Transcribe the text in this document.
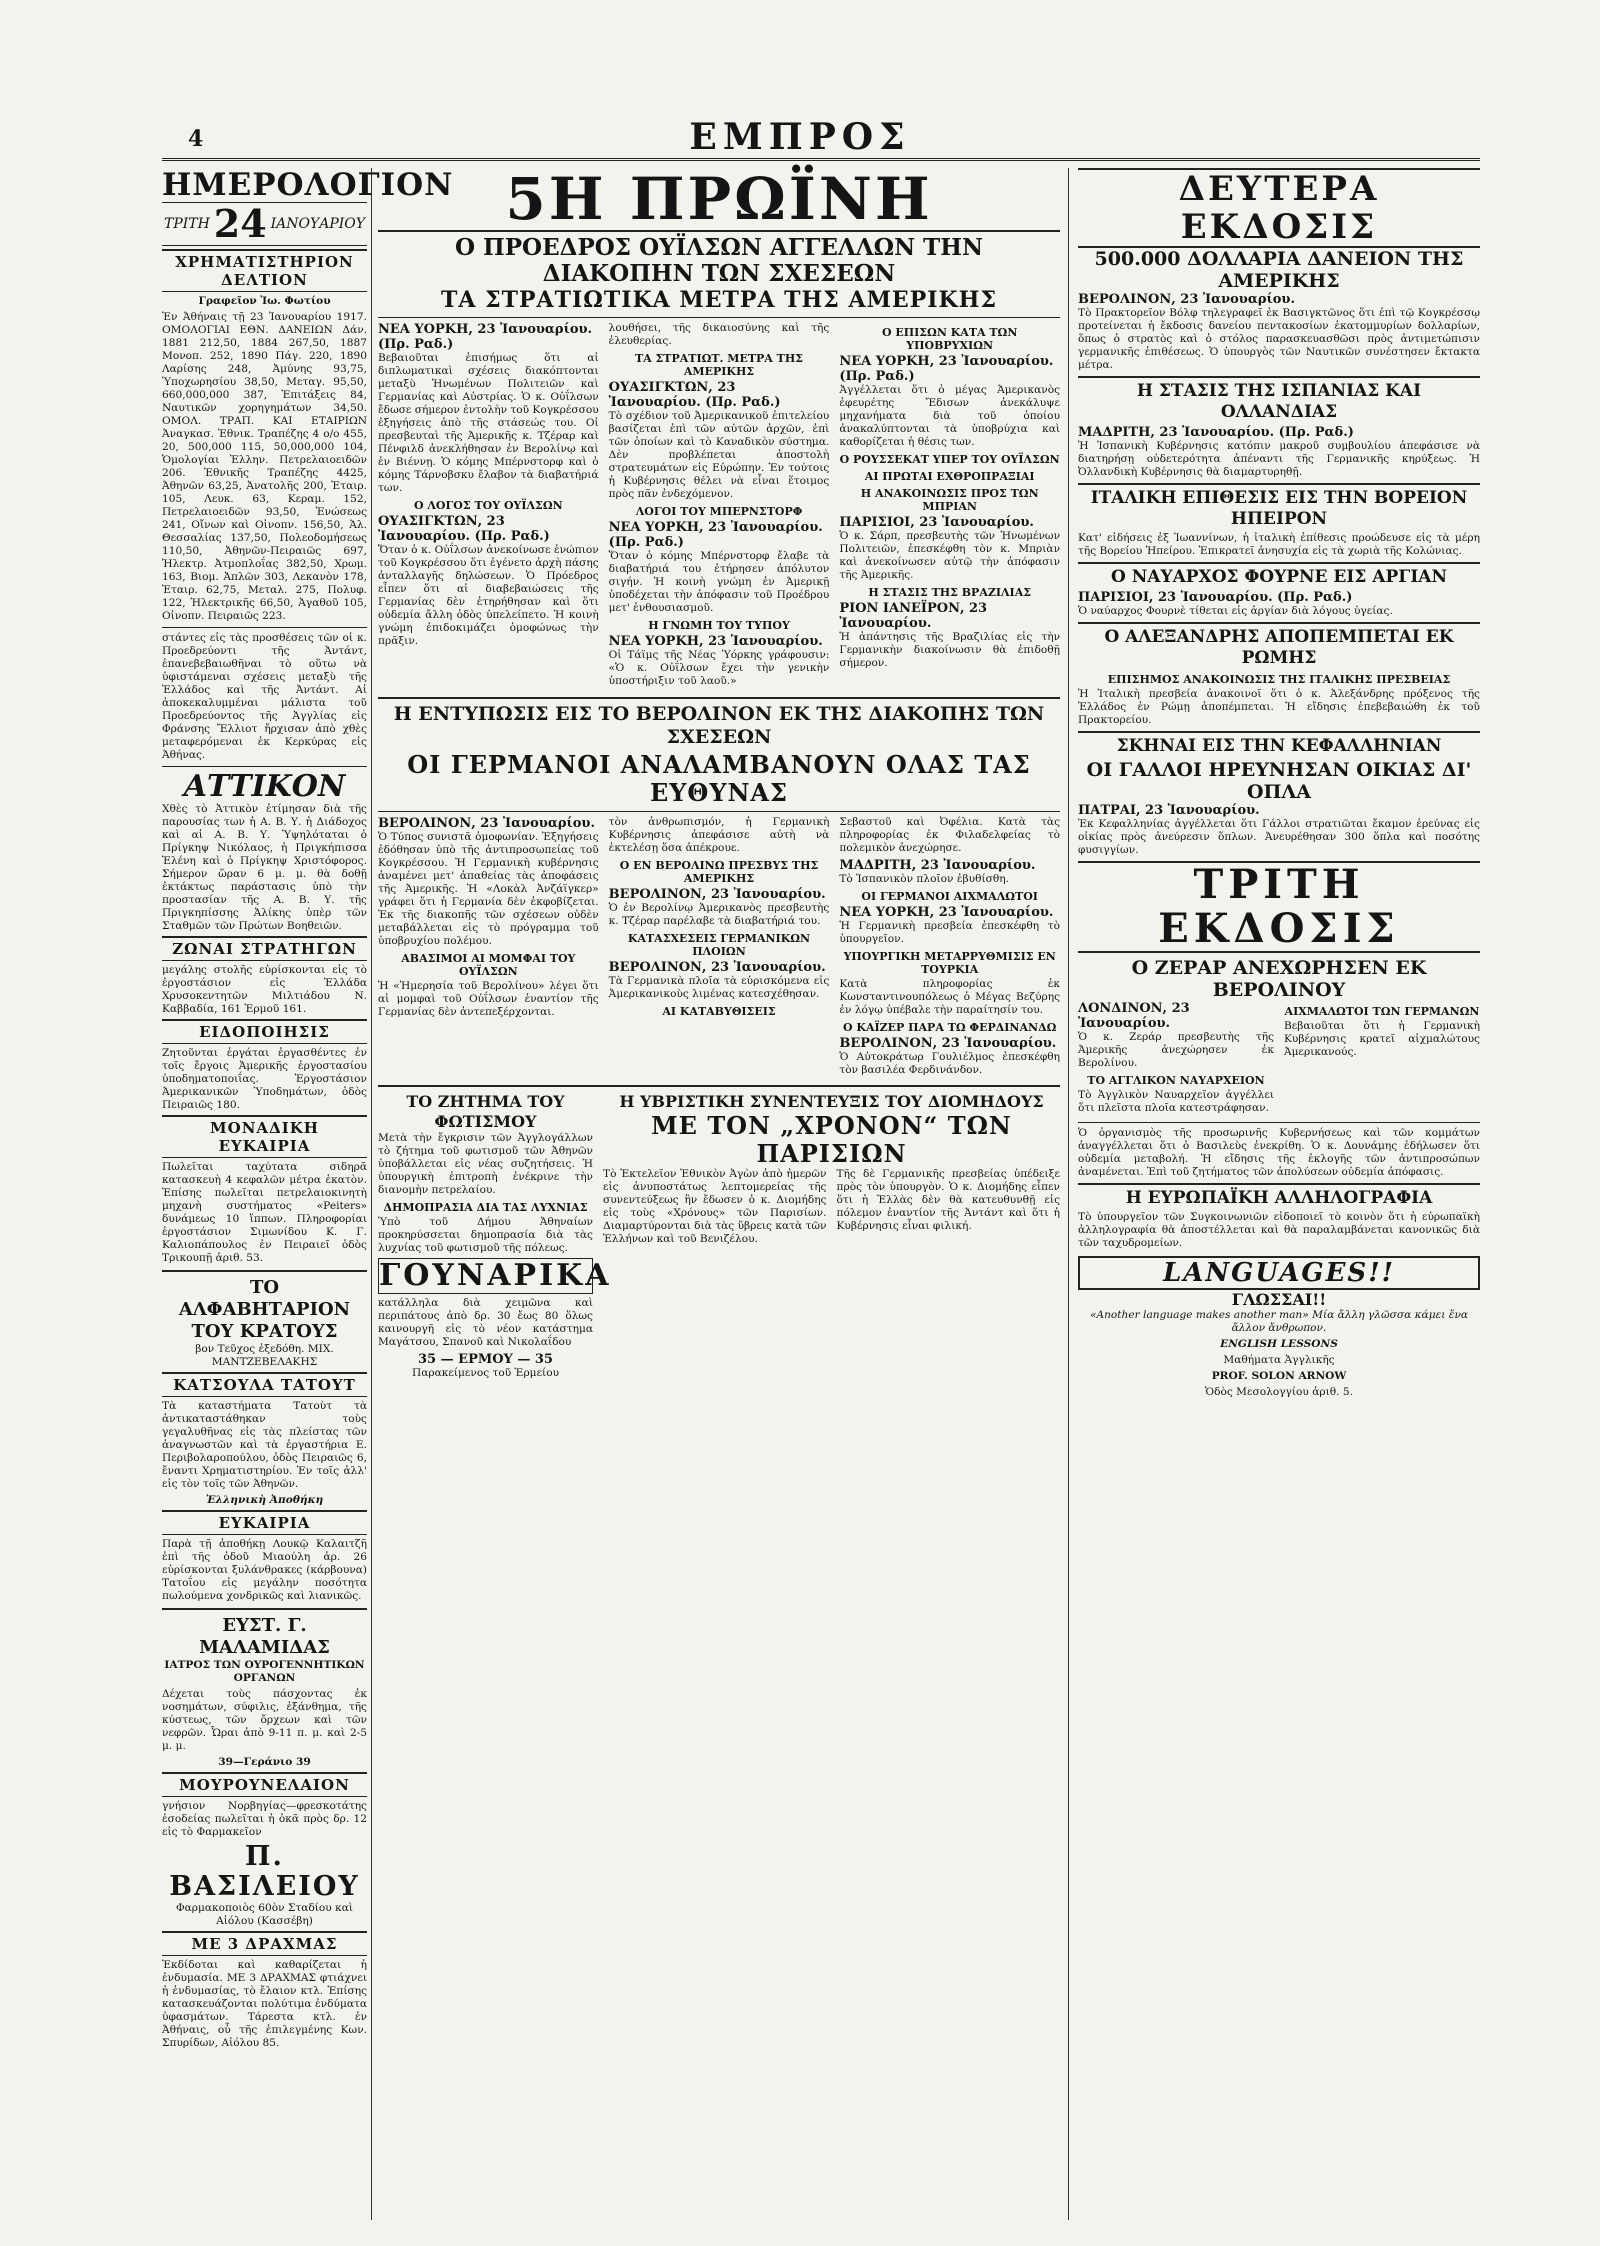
4	ΕΜΠΡΟΣ
ΗΜΕΡΟΛΟΓΙΟΝ
ΤΡΙΤΗ 24 ΙΑΝΟΥΑΡΙΟΥ
ΧΡΗΜΑΤΙΣΤΗΡΙΟΝ ΔΕΛΤΙΟΝ
Γραφεῖον Ἰω. Φωτίου
Ἐν Ἀθήναις τῇ 23 Ἰανουαρίου 1917. ΟΜΟΛΟΓΙΑΙ ΕΘΝ. ΔΑΝΕΙΩΝ Δάν. 1881 212,50, 1884 267,50, 1887 Μονοπ. 252, 1890 Πάγ. 220, 1890 Λαρίσης 248, Ἀμύνης 93,75, Ὑποχωρησίου 38,50, Μεταγ. 95,50, 660,000,000 387, Ἐπιτάξεις 84, Ναυτικῶν χορηγημάτων 34,50. ΟΜΟΛ. ΤΡΑΠ. ΚΑΙ ΕΤΑΙΡΙΩΝ Ἀναγκασ. Ἐθνικ. Τραπέζης 4 ο/ο 455, 20, 500,000 115, 50,000,000 104, Ὁμολογίαι Ἑλλην. Πετρελαιοειδῶν 206. Ἐθνικῆς Τραπέζης 4425, Ἀθηνῶν 63,25, Ἀνατολῆς 200, Ἑταιρ. 105, Λευκ. 63, Κεραμ. 152, Πετρελαιοειδῶν 93,50, Ἑνώσεως 241, Οἴνων καὶ Οἰνοπν. 156,50, Ἁλ. Θεσσαλίας 137,50, Πολεοδομήσεως 110,50, Ἀθηνῶν-Πειραιῶς 697, Ἠλεκτρ. Ἀτμοπλοΐας 382,50, Χρωμ. 163, Βιομ. Ἀπλῶν 303, Λεκανὸν 178, Ἐταιρ. 62,75, Μεταλ. 275, Πολυφ. 122, Ἠλεκτρικῆς 66,50, Ἀγαθοῦ 105, Οἰνοπν. Πειραιῶς 223.
στάντες εἰς τὰς προσθέσεις τῶν οἰ κ. Προεδρεύοντι τῆς Ἀντάντ, ἐπανεβεβαιωθῆναι τὸ οὕτω νὰ ὑφιστάμεναι σχέσεις μεταξὺ τῆς Ἑλλάδος καὶ τῆς Ἀντάντ. Αἱ ἀποκεκαλυμμέναι μάλιστα τοῦ Προεδρεύοντος τῆς Ἀγγλίας εἰς Φράνσης Ἔλλιοτ ἤρχισαν ἀπὸ χθὲς μεταφερόμεναι ἐκ Κερκύρας εἰς Ἀθήνας.
ΑΤΤΙΚΟΝ
Χθὲς τὸ Ἀττικὸν ἐτίμησαν διὰ τῆς παρουσίας των ἡ Α. Β. Υ. ἡ Διάδοχος καὶ αἱ Α. Β. Υ. Ὑψηλόταται ὁ Πρίγκηψ Νικόλαος, ἡ Πριγκήπισσα Ἑλένη καὶ ὁ Πρίγκηψ Χριστόφορος. Σήμερον ὥραν 6 μ. μ. θὰ δοθῇ ἐκτάκτως παράστασις ὑπὸ τὴν προστασίαν τῆς Α. Β. Υ. τῆς Πριγκηπίσσης Ἀλίκης ὑπὲρ τῶν Σταθμῶν τῶν Πρώτων Βοηθειῶν.
ΖΩΝΑΙ ΣΤΡΑΤΗΓΩΝ
μεγάλης στολῆς εὑρίσκονται εἰς τὸ ἐργοστάσιον εἰς Ἑλλάδα Χρυσοκεντητῶν Μιλτιάδου Ν. Καββαδία, 161 Ἑρμοῦ 161.
ΕΙΔΟΠΟΙΗΣΙΣ
Ζητοῦνται ἐργάται ἐργασθέντες ἐν τοῖς ἔργοις Ἀμερικῆς ἐργοστασίου ὑποδηματοποιΐας. Ἐργοστάσιον Ἀμερικανικῶν Ὑποδημάτων, ὁδὸς Πειραιῶς 180.
ΜΟΝΑΔΙΚΗ ΕΥΚΑΙΡΙΑ
Πωλεῖται ταχύτατα σιδηρᾶ κατασκευὴ 4 κεφαλῶν μέτρα ἑκατὸν. Ἐπίσης πωλεῖται πετρελαιοκινητὴ μηχανὴ συστήματος «Peiters» δυνάμεως 10 ἵππων. Πληροφορίαι ἐργοστάσιον Σιμωνίδου Κ. Γ. Καλιοπάπουλος ἐν Πειραιεῖ ὁδὸς Τρικουπῇ ἀριθ. 53.
ΤΟ ΑΛΦΑΒΗΤΑΡΙΟΝ ΤΟΥ ΚΡΑΤΟΥΣ
βον Τεῦχος ἐξεδόθη. ΜΙΧ. ΜΑΝΤΖΕΒΕΛΑΚΗΣ
ΚΑΤΣΟΥΛΑ ΤΑΤΟΥΤ
Τὰ καταστήματα Τατοὺτ τὰ ἀντικαταστάθηκαν τοὺς γεγαλυθῆνας εἰς τὰς πλείστας τῶν ἀναγνωστῶν καὶ τὰ ἐργαστήρια Ε. Περιβολαροπούλου, ὁδὸς Πειραιῶς 6, ἔναντι Χρηματιστηρίου. Ἐν τοῖς ἀλλ' εἰς τὸν τοῖς τῶν Ἀθηνῶν.
Ἐλληνικὴ Ἀποθήκη
ΕΥΚΑΙΡΙΑ
Παρὰ τῇ ἀποθήκῃ Λουκῷ Καλαιτζῆ ἐπὶ τῆς ὁδοῦ Μιαούλη ἀρ. 26 εὑρίσκονται ξυλάνθρακες (κάρβουνα) Τατοΐου εἰς μεγάλην ποσότητα πωλούμενα χονδρικῶς καὶ λιανικῶς.
ΕΥΣΤ. Γ. ΜΑΛΑΜΙΔΑΣ
ΙΑΤΡΟΣ ΤΩΝ ΟΥΡΟΓΕΝΝΗΤΙΚΩΝ ΟΡΓΑΝΩΝ
Δέχεται τοὺς πάσχοντας ἐκ νοσημάτων, σύφιλις, ἐξάνθημα, τῆς κύστεως, τῶν ὄρχεων καὶ τῶν νεφρῶν. Ὧραι ἀπὸ 9-11 π. μ. καὶ 2-5 μ. μ.
39—Γεράνιο 39
ΜΟΥΡΟΥΝΕΛΑΙΟΝ
γνήσιον Νορβηγίας—φρεσκοτάτης ἐσοδείας πωλεῖται ἡ ὀκᾶ πρὸς δρ. 12 εἰς τὸ Φαρμακεῖον
Π. ΒΑΣΙΛΕΙΟΥ
Φαρμακοποιὸς 60ὸν Σταδίου καὶ Αἰόλου (Κασσέβη)
ΜΕ 3 ΔΡΑΧΜΑΣ
Ἐκδίδοται καὶ καθαρίζεται ἡ ἐνδυμασία. ΜΕ 3 ΔΡΑΧΜΑΣ φτιάχνει ἡ ἐνδυμασίας, τὸ ἔλαιον κτλ. Ἐπίσης κατασκευάζονται πολύτιμα ἐνδύματα ὑφασμάτων. Τάρεστα κτλ. ἐν Ἀθήναις, οὗ τῆς ἐπιλεγμένης Κων. Σπυρίδων, Αἰόλου 85.
5Η ΠΡΩΪΝΗ
Ο ΠΡΟΕΔΡΟΣ ΟΥΪΛΣΩΝ ΑΓΓΕΛΛΩΝ ΤΗΝ ΔΙΑΚΟΠΗΝ ΤΩΝ ΣΧΕΣΕΩΝ
ΤΑ ΣΤΡΑΤΙΩΤΙΚΑ ΜΕΤΡΑ ΤΗΣ ΑΜΕΡΙΚΗΣ
ΝΕΑ ΥΟΡΚΗ, 23 Ἰανουαρίου. (Πρ. Ραδ.)
Βεβαιοῦται ἐπισήμως ὅτι αἱ διπλωματικαὶ σχέσεις διακόπτονται μεταξὺ Ἡνωμένων Πολιτειῶν καὶ Γερμανίας καὶ Αὐστρίας. Ὁ κ. Οὐΐλσων ἔδωσε σήμερον ἐντολὴν τοῦ Κογκρέσσου ἐξηγήσεις ἀπὸ τῆς στάσεώς του. Οἱ πρεσβευταὶ τῆς Ἀμερικῆς κ. Τζέραρ καὶ Πένφιλδ ἀνεκλήθησαν ἐν Βερολίνῳ καὶ ἐν Βιέννῃ. Ὁ κόμης Μπέρνστορφ καὶ ὁ κόμης Τάρνοβσκυ ἔλαβον τὰ διαβατήριά των.
Ο ΛΟΓΟΣ ΤΟΥ ΟΥΪΛΣΩΝ
ΟΥΑΣΙΓΚΤΩΝ, 23 Ἰανουαρίου. (Πρ. Ραδ.)
Ὅταν ὁ κ. Οὐΐλσων ἀνεκοίνωσε ἐνώπιον τοῦ Κογκρέσσου ὅτι ἐγένετο ἀρχὴ πάσης ἀνταλλαγῆς δηλώσεων. Ὁ Πρόεδρος εἶπεν ὅτι αἱ διαβεβαιώσεις τῆς Γερμανίας δὲν ἐτηρήθησαν καὶ ὅτι οὐδεμία ἄλλη ὁδὸς ὑπελείπετο. Ἡ κοινὴ γνώμη ἐπιδοκιμάζει ὁμοφώνως τὴν πρᾶξιν.
λουθήσει, τῆς δικαιοσύνης καὶ τῆς ἐλευθερίας.
ΤΑ ΣΤΡΑΤΙΩΤ. ΜΕΤΡΑ ΤΗΣ ΑΜΕΡΙΚΗΣ
ΟΥΑΣΙΓΚΤΩΝ, 23 Ἰανουαρίου. (Πρ. Ραδ.)
Τὸ σχέδιον τοῦ Ἀμερικανικοῦ ἐπιτελείου βασίζεται ἐπὶ τῶν αὐτῶν ἀρχῶν, ἐπὶ τῶν ὁποίων καὶ τὸ Καναδικὸν σύστημα. Δὲν προβλέπεται ἀποστολὴ στρατευμάτων εἰς Εὐρώπην. Ἐν τούτοις ἡ Κυβέρνησις θέλει νὰ εἶναι ἕτοιμος πρὸς πᾶν ἐνδεχόμενον.
ΛΟΓΟΙ ΤΟΥ ΜΠΕΡΝΣΤΟΡΦ
ΝΕΑ ΥΟΡΚΗ, 23 Ἰανουαρίου. (Πρ. Ραδ.)
Ὅταν ὁ κόμης Μπέρνστορφ ἔλαβε τὰ διαβατήριά του ἐτήρησεν ἀπόλυτον σιγήν. Ἡ κοινὴ γνώμη ἐν Ἀμερικῇ ὑποδέχεται τὴν ἀπόφασιν τοῦ Προέδρου μετ' ἐνθουσιασμοῦ.
Η ΓΝΩΜΗ ΤΟΥ ΤΥΠΟΥ
ΝΕΑ ΥΟΡΚΗ, 23 Ἰανουαρίου.
Οἱ Τάϊμς τῆς Νέας Ὑόρκης γράφουσιν: «Ὁ κ. Οὐΐλσων ἔχει τὴν γενικὴν ὑποστήριξιν τοῦ λαοῦ.»
Ο ΕΠΙΣΩΝ ΚΑΤΑ ΤΩΝ ΥΠΟΒΡΥΧΙΩΝ
ΝΕΑ ΥΟΡΚΗ, 23 Ἰανουαρίου. (Πρ. Ραδ.)
Ἀγγέλλεται ὅτι ὁ μέγας Ἀμερικανὸς ἐφευρέτης Ἔδισων ἀνεκάλυψε μηχανήματα διὰ τοῦ ὁποίου ἀνακαλύπτονται τὰ ὑποβρύχια καὶ καθορίζεται ἡ θέσις των.
Ο ΡΟΥΣΣΕΚΑΤ ΥΠΕΡ ΤΟΥ ΟΥΪΛΣΩΝ
ΑΙ ΠΡΩΤΑΙ ΕΧΘΡΟΠΡΑΞΙΑΙ
Η ΑΝΑΚΟΙΝΩΣΙΣ ΠΡΟΣ ΤΩΝ ΜΠΡΙΑΝ
ΠΑΡΙΣΙΟΙ, 23 Ἰανουαρίου.
Ὁ κ. Σάρπ, πρεσβευτὴς τῶν Ἡνωμένων Πολιτειῶν, ἐπεσκέφθη τὸν κ. Μπριὰν καὶ ἀνεκοίνωσεν αὐτῷ τὴν ἀπόφασιν τῆς Ἀμερικῆς.
Η ΣΤΑΣΙΣ ΤΗΣ ΒΡΑΖΙΛΙΑΣ
ΡΙΟΝ ΙΑΝΕΪΡΟΝ, 23 Ἰανουαρίου.
Ἡ ἀπάντησις τῆς Βραζιλίας εἰς τὴν Γερμανικὴν διακοίνωσιν θὰ ἐπιδοθῇ σήμερον.
Η ΕΝΤΥΠΩΣΙΣ ΕΙΣ ΤΟ ΒΕΡΟΛΙΝΟΝ ΕΚ ΤΗΣ ΔΙΑΚΟΠΗΣ ΤΩΝ ΣΧΕΣΕΩΝ
ΟΙ ΓΕΡΜΑΝΟΙ ΑΝΑΛΑΜΒΑΝΟΥΝ ΟΛΑΣ ΤΑΣ ΕΥΘΥΝΑΣ
ΒΕΡΟΛΙΝΟΝ, 23 Ἰανουαρίου.
Ὁ Τύπος συνιστᾶ ὁμοφωνίαν. Ἐξηγήσεις ἐδόθησαν ὑπὸ τῆς ἀντιπροσωπείας τοῦ Κογκρέσσου. Ἡ Γερμανικὴ κυβέρνησις ἀναμένει μετ' ἀπαθείας τὰς ἀποφάσεις τῆς Ἀμερικῆς. Ἡ «Λοκὰλ Ἀνζάϊγκερ» γράφει ὅτι ἡ Γερμανία δὲν ἐκφοβίζεται. Ἐκ τῆς διακοπῆς τῶν σχέσεων οὐδὲν μεταβάλλεται εἰς τὸ πρόγραμμα τοῦ ὑποβρυχίου πολέμου.
ΑΒΑΣΙΜΟΙ ΑΙ ΜΟΜΦΑΙ ΤΟΥ ΟΥΪΛΣΩΝ
Ἡ «Ἡμερησία τοῦ Βερολίνου» λέγει ὅτι αἱ μομφαὶ τοῦ Οὐΐλσων ἐναντίον τῆς Γερμανίας δὲν ἀντεπεξέρχονται.
τὸν ἀνθρωπισμόν, ἡ Γερμανικὴ Κυβέρνησις ἀπεφάσισε αὐτὴ νὰ ἐκτελέσῃ ὅσα ἀπέκρουε.
Ο ΕΝ ΒΕΡΟΛΙΝΩ ΠΡΕΣΒΥΣ ΤΗΣ ΑΜΕΡΙΚΗΣ
ΒΕΡΟΛΙΝΟΝ, 23 Ἰανουαρίου.
Ὁ ἐν Βερολίνῳ Ἀμερικανὸς πρεσβευτὴς κ. Τζέραρ παρέλαβε τὰ διαβατήριά του.
ΚΑΤΑΣΧΕΣΕΙΣ ΓΕΡΜΑΝΙΚΩΝ ΠΛΟΙΩΝ
ΒΕΡΟΛΙΝΟΝ, 23 Ἰανουαρίου.
Τὰ Γερμανικὰ πλοῖα τὰ εὑρισκόμενα εἰς Ἀμερικανικοὺς λιμένας κατεσχέθησαν.
ΑΙ ΚΑΤΑΒΥΘΙΣΕΙΣ
Σεβαστοῦ καὶ Ὀφέλια. Κατὰ τὰς πληροφορίας ἐκ Φιλαδελφείας τὸ πολεμικὸν ἀνεχώρησε.
ΜΑΔΡΙΤΗ, 23 Ἰανουαρίου.
Τὸ Ἰσπανικὸν πλοῖον ἐβυθίσθη.
ΟΙ ΓΕΡΜΑΝΟΙ ΑΙΧΜΑΛΩΤΟΙ
ΝΕΑ ΥΟΡΚΗ, 23 Ἰανουαρίου.
Ἡ Γερμανικὴ πρεσβεία ἐπεσκέφθη τὸ ὑπουργεῖον.
ΥΠΟΥΡΓΙΚΗ ΜΕΤΑΡΡΥΘΜΙΣΙΣ ΕΝ ΤΟΥΡΚΙΑ
Κατὰ πληροφορίας ἐκ Κωνσταντινουπόλεως ὁ Μέγας Βεζύρης ἐν λόγῳ ὑπέβαλε τὴν παραίτησίν του.
Ο ΚΑΪΖΕΡ ΠΑΡΑ ΤΩ ΦΕΡΔΙΝΑΝΔΩ
ΒΕΡΟΛΙΝΟΝ, 23 Ἰανουαρίου.
Ὁ Αὐτοκράτωρ Γουλιέλμος ἐπεσκέφθη τὸν βασιλέα Φερδινάνδον.
ΤΟ ΖΗΤΗΜΑ ΤΟΥ ΦΩΤΙΣΜΟΥ
Μετὰ τὴν ἔγκρισιν τῶν Ἀγγλογάλλων τὸ ζήτημα τοῦ φωτισμοῦ τῶν Ἀθηνῶν ὑποβάλλεται εἰς νέας συζητήσεις. Ἡ ὑπουργικὴ ἐπιτροπὴ ἐνέκρινε τὴν διανομὴν πετρελαίου.
ΔΗΜΟΠΡΑΣΙΑ ΔΙΑ ΤΑΣ ΛΥΧΝΙΑΣ
Ὑπὸ τοῦ Δήμου Ἀθηναίων προκηρύσσεται δημοπρασία διὰ τὰς λυχνίας τοῦ φωτισμοῦ τῆς πόλεως.
ΓΟΥΝΑΡΙΚΑ
κατάλληλα διὰ χειμῶνα καὶ περιπάτους ἀπὸ δρ. 30 ἔως 80 ὅλως καινουργῆ εἰς τὸ νέον κατάστημα Μαγάτσου, Σπανοῦ καὶ Νικολαΐδου
35 — ΕΡΜΟΥ — 35
Παρακείμενος τοῦ Ἑρμείου
Η ΥΒΡΙΣΤΙΚΗ ΣΥΝΕΝΤΕΥΞΙΣ ΤΟΥ ΔΙΟΜΗΔΟΥΣ
ΜΕ ΤΟΝ „ΧΡΟΝΟΝ“ ΤΩΝ ΠΑΡΙΣΙΩΝ
Τὸ Ἐκτελεῖον Ἐθνικὸν Ἀγὼν ἀπὸ ἡμερῶν εἰς ἀνυποστάτως λεπτομερείας τῆς συνεντεύξεως ἣν ἔδωσεν ὁ κ. Διομήδης εἰς τοὺς «Χρόνους» τῶν Παρισίων. Διαμαρτύρονται διὰ τὰς ὕβρεις κατὰ τῶν Ἑλλήνων καὶ τοῦ Βενιζέλου.
Τῆς δὲ Γερμανικῆς πρεσβείας ὑπέδειξε πρὸς τὸν ὑπουργὸν. Ὁ κ. Διομήδης εἶπεν ὅτι ἡ Ἑλλὰς δὲν θὰ κατευθυνθῇ εἰς πόλεμον ἐναντίον τῆς Ἀντάντ καὶ ὅτι ἡ Κυβέρνησις εἶναι φιλική.
ΔΕΥΤΕΡΑ ΕΚΔΟΣΙΣ
500.000 ΔΟΛΛΑΡΙΑ ΔΑΝΕΙΟΝ ΤΗΣ ΑΜΕΡΙΚΗΣ
ΒΕΡΟΛΙΝΟΝ, 23 Ἰανουαρίου.
Τὸ Πρακτορεῖον Βόλφ τηλεγραφεῖ ἐκ Βασιγκτῶνος ὅτι ἐπὶ τῷ Κογκρέσσῳ προτείνεται ἡ ἔκδοσις δανείου πεντακοσίων ἑκατομμυρίων δολλαρίων, ὅπως ὁ στρατὸς καὶ ὁ στόλος παρασκευασθῶσι πρὸς ἀντιμετώπισιν γερμανικῆς ἐπιθέσεως. Ὁ ὑπουργὸς τῶν Ναυτικῶν συνέστησεν ἔκτακτα μέτρα.
Η ΣΤΑΣΙΣ ΤΗΣ ΙΣΠΑΝΙΑΣ ΚΑΙ ΟΛΛΑΝΔΙΑΣ
ΜΑΔΡΙΤΗ, 23 Ἰανουαρίου. (Πρ. Ραδ.)
Ἡ Ἰσπανικὴ Κυβέρνησις κατόπιν μακροῦ συμβουλίου ἀπεφάσισε νὰ διατηρήσῃ οὐδετερότητα ἀπέναντι τῆς Γερμανικῆς κηρύξεως. Ἡ Ὀλλανδικὴ Κυβέρνησις θὰ διαμαρτυρηθῇ.
ΙΤΑΛΙΚΗ ΕΠΙΘΕΣΙΣ ΕΙΣ ΤΗΝ ΒΟΡΕΙΟΝ ΗΠΕΙΡΟΝ
Κατ' εἰδήσεις ἐξ Ἰωαννίνων, ἡ ἰταλικὴ ἐπίθεσις προώδευσε εἰς τὰ μέρη τῆς Βορείου Ἠπείρου. Ἐπικρατεῖ ἀνησυχία εἰς τὰ χωριὰ τῆς Κολώνιας.
Ο ΝΑΥΑΡΧΟΣ ΦΟΥΡΝΕ ΕΙΣ ΑΡΓΙΑΝ
ΠΑΡΙΣΙΟΙ, 23 Ἰανουαρίου. (Πρ. Ραδ.)
Ὁ ναύαρχος Φουρνὲ τίθεται εἰς ἀργίαν διὰ λόγους ὑγείας.
Ο ΑΛΕΞΑΝΔΡΗΣ ΑΠΟΠΕΜΠΕΤΑΙ ΕΚ ΡΩΜΗΣ
ΕΠΙΣΗΜΟΣ ΑΝΑΚΟΙΝΩΣΙΣ ΤΗΣ ΙΤΑΛΙΚΗΣ ΠΡΕΣΒΕΙΑΣ
Ἡ Ἰταλικὴ πρεσβεία ἀνακοινοῖ ὅτι ὁ κ. Ἀλεξάνδρης πρόξενος τῆς Ἑλλάδος ἐν Ρώμῃ ἀποπέμπεται. Ἡ εἴδησις ἐπεβεβαιώθη ἐκ τοῦ Πρακτορείου.
ΣΚΗΝΑΙ ΕΙΣ ΤΗΝ ΚΕΦΑΛΛΗΝΙΑΝ
ΟΙ ΓΑΛΛΟΙ ΗΡΕΥΝΗΣΑΝ ΟΙΚΙΑΣ ΔΙ' ΟΠΛΑ
ΠΑΤΡΑΙ, 23 Ἰανουαρίου.
Ἐκ Κεφαλληνίας ἀγγέλλεται ὅτι Γάλλοι στρατιῶται ἔκαμον ἐρεύνας εἰς οἰκίας πρὸς ἀνεύρεσιν ὅπλων. Ἀνευρέθησαν 300 ὅπλα καὶ ποσότης φυσιγγίων.
ΤΡΙΤΗ ΕΚΔΟΣΙΣ
Ο ΖΕΡΑΡ ΑΝΕΧΩΡΗΣΕΝ ΕΚ ΒΕΡΟΛΙΝΟΥ
ΛΟΝΔΙΝΟΝ, 23 Ἰανουαρίου.
Ὁ κ. Ζεράρ πρεσβευτὴς τῆς Ἀμερικῆς ἀνεχώρησεν ἐκ Βερολίνου.
ΤΟ ΑΓΓΛΙΚΟΝ ΝΑΥΑΡΧΕΙΟΝ
Τὸ Ἀγγλικὸν Ναυαρχεῖον ἀγγέλλει ὅτι πλεῖστα πλοῖα κατεστράφησαν.
ΑΙΧΜΑΛΩΤΟΙ ΤΩΝ ΓΕΡΜΑΝΩΝ
Βεβαιοῦται ὅτι ἡ Γερμανικὴ Κυβέρνησις κρατεῖ αἰχμαλώτους Ἀμερικανούς.
Ὁ ὀργανισμὸς τῆς προσωρινῆς Κυβερνήσεως καὶ τῶν κομμάτων ἀναγγέλλεται ὅτι ὁ Βασιλεὺς ἐνεκρίθη. Ὁ κ. Δουνάμης ἐδήλωσεν ὅτι οὐδεμία μεταβολή. Ἡ εἴδησις τῆς ἐκλογῆς τῶν ἀντιπροσώπων ἀναμένεται. Ἐπὶ τοῦ ζητήματος τῶν ἀπολύσεων οὐδεμία ἀπόφασις.
Η ΕΥΡΩΠΑΪΚΗ ΑΛΛΗΛΟΓΡΑΦΙΑ
Τὸ ὑπουργεῖον τῶν Συγκοινωνιῶν εἰδοποιεῖ τὸ κοινὸν ὅτι ἡ εὐρωπαϊκὴ ἀλληλογραφία θὰ ἀποστέλλεται καὶ θὰ παραλαμβάνεται κανονικῶς διὰ τῶν ταχυδρομείων.
LANGUAGES!!
ΓΛΩΣΣΑΙ!!
«Another language makes another man» Μία ἄλλη γλῶσσα κάμει ἕνα ἄλλον ἄνθρωπον.
ENGLISH LESSONS
Μαθήματα Ἀγγλικῆς
PROF. SOLON ARNOW
Ὁδὸς Μεσολογγίου ἀριθ. 5.
